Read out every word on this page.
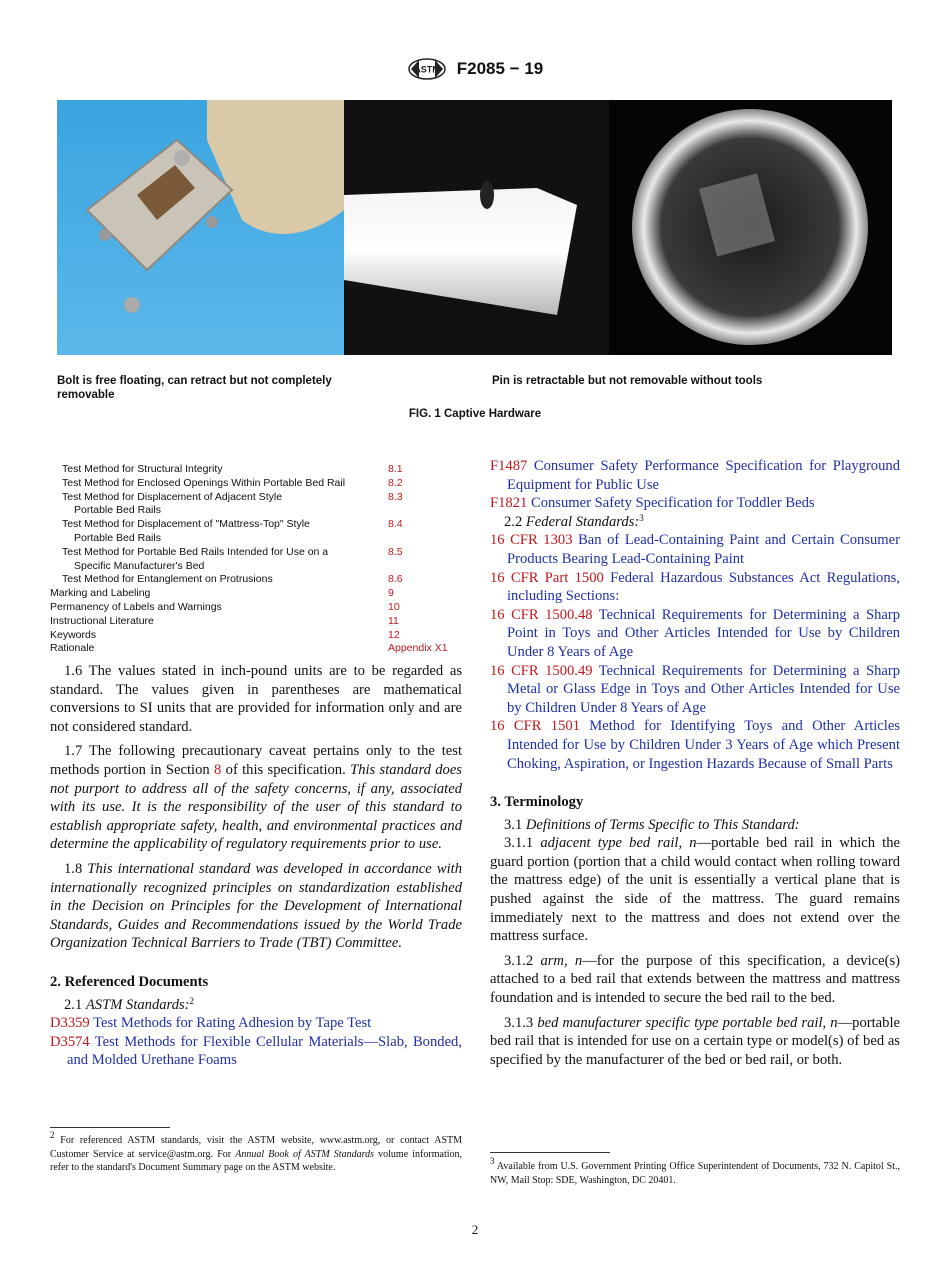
ASTM F2085 − 19
Bolt is free floating, can retract but not completely removable
Pin is retractable but not removable without tools
FIG. 1 Captive Hardware
Test Method for Structural Integrity	8.1
Test Method for Enclosed Openings Within Portable Bed Rail	8.2
Test Method for Displacement of Adjacent Style	8.3
Portable Bed Rails
Test Method for Displacement of "Mattress-Top" Style	8.4
Portable Bed Rails
Test Method for Portable Bed Rails Intended for Use on a	8.5
Specific Manufacturer's Bed
Test Method for Entanglement on Protrusions	8.6
Marking and Labeling	9
Permanency of Labels and Warnings	10
Instructional Literature	11
Keywords	12
Rationale	Appendix X1

1.6 The values stated in inch-pound units are to be regarded as standard. The values given in parentheses are mathematical conversions to SI units that are provided for information only and are not considered standard.

1.7 The following precautionary caveat pertains only to the test methods portion in Section 8 of this specification. This standard does not purport to address all of the safety concerns, if any, associated with its use. It is the responsibility of the user of this standard to establish appropriate safety, health, and environmental practices and determine the applicability of regulatory requirements prior to use.

1.8 This international standard was developed in accordance with internationally recognized principles on standardization established in the Decision on Principles for the Development of International Standards, Guides and Recommendations issued by the World Trade Organization Technical Barriers to Trade (TBT) Committee.

2. Referenced Documents

2.1 ASTM Standards:$^2$

D3359 Test Methods for Rating Adhesion by Tape Test

D3574 Test Methods for Flexible Cellular Materials—Slab, Bonded, and Molded Urethane Foams

F1487 Consumer Safety Performance Specification for Playground Equipment for Public Use

F1821 Consumer Safety Specification for Toddler Beds

2.2 Federal Standards:$^3$

16 CFR 1303 Ban of Lead-Containing Paint and Certain Consumer Products Bearing Lead-Containing Paint

16 CFR Part 1500 Federal Hazardous Substances Act Regulations, including Sections:

16 CFR 1500.48 Technical Requirements for Determining a Sharp Point in Toys and Other Articles Intended for Use by Children Under 8 Years of Age

16 CFR 1500.49 Technical Requirements for Determining a Sharp Metal or Glass Edge in Toys and Other Articles Intended for Use by Children Under 8 Years of Age

16 CFR 1501 Method for Identifying Toys and Other Articles Intended for Use by Children Under 3 Years of Age which Present Choking, Aspiration, or Ingestion Hazards Because of Small Parts

3. Terminology

3.1 Definitions of Terms Specific to This Standard:

3.1.1 adjacent type bed rail, n—portable bed rail in which the guard portion (portion that a child would contact when rolling toward the mattress edge) of the unit is essentially a vertical plane that is pushed against the side of the mattress. The guard remains immediately next to the mattress and does not extend over the mattress surface.

3.1.2 arm, n—for the purpose of this specification, a device(s) attached to a bed rail that extends between the mattress and mattress foundation and is intended to secure the bed rail to the bed.

3.1.3 bed manufacturer specific type portable bed rail, n—portable bed rail that is intended for use on a certain type or model(s) of bed as specified by the manufacturer of the bed or bed rail, or both.

$^2$ For referenced ASTM standards, visit the ASTM website, www.astm.org, or contact ASTM Customer Service at service@astm.org. For Annual Book of ASTM Standards volume information, refer to the standard's Document Summary page on the ASTM website.
$^3$ Available from U.S. Government Printing Office Superintendent of Documents, 732 N. Capitol St., NW, Mail Stop: SDE, Washington, DC 20401.
2
